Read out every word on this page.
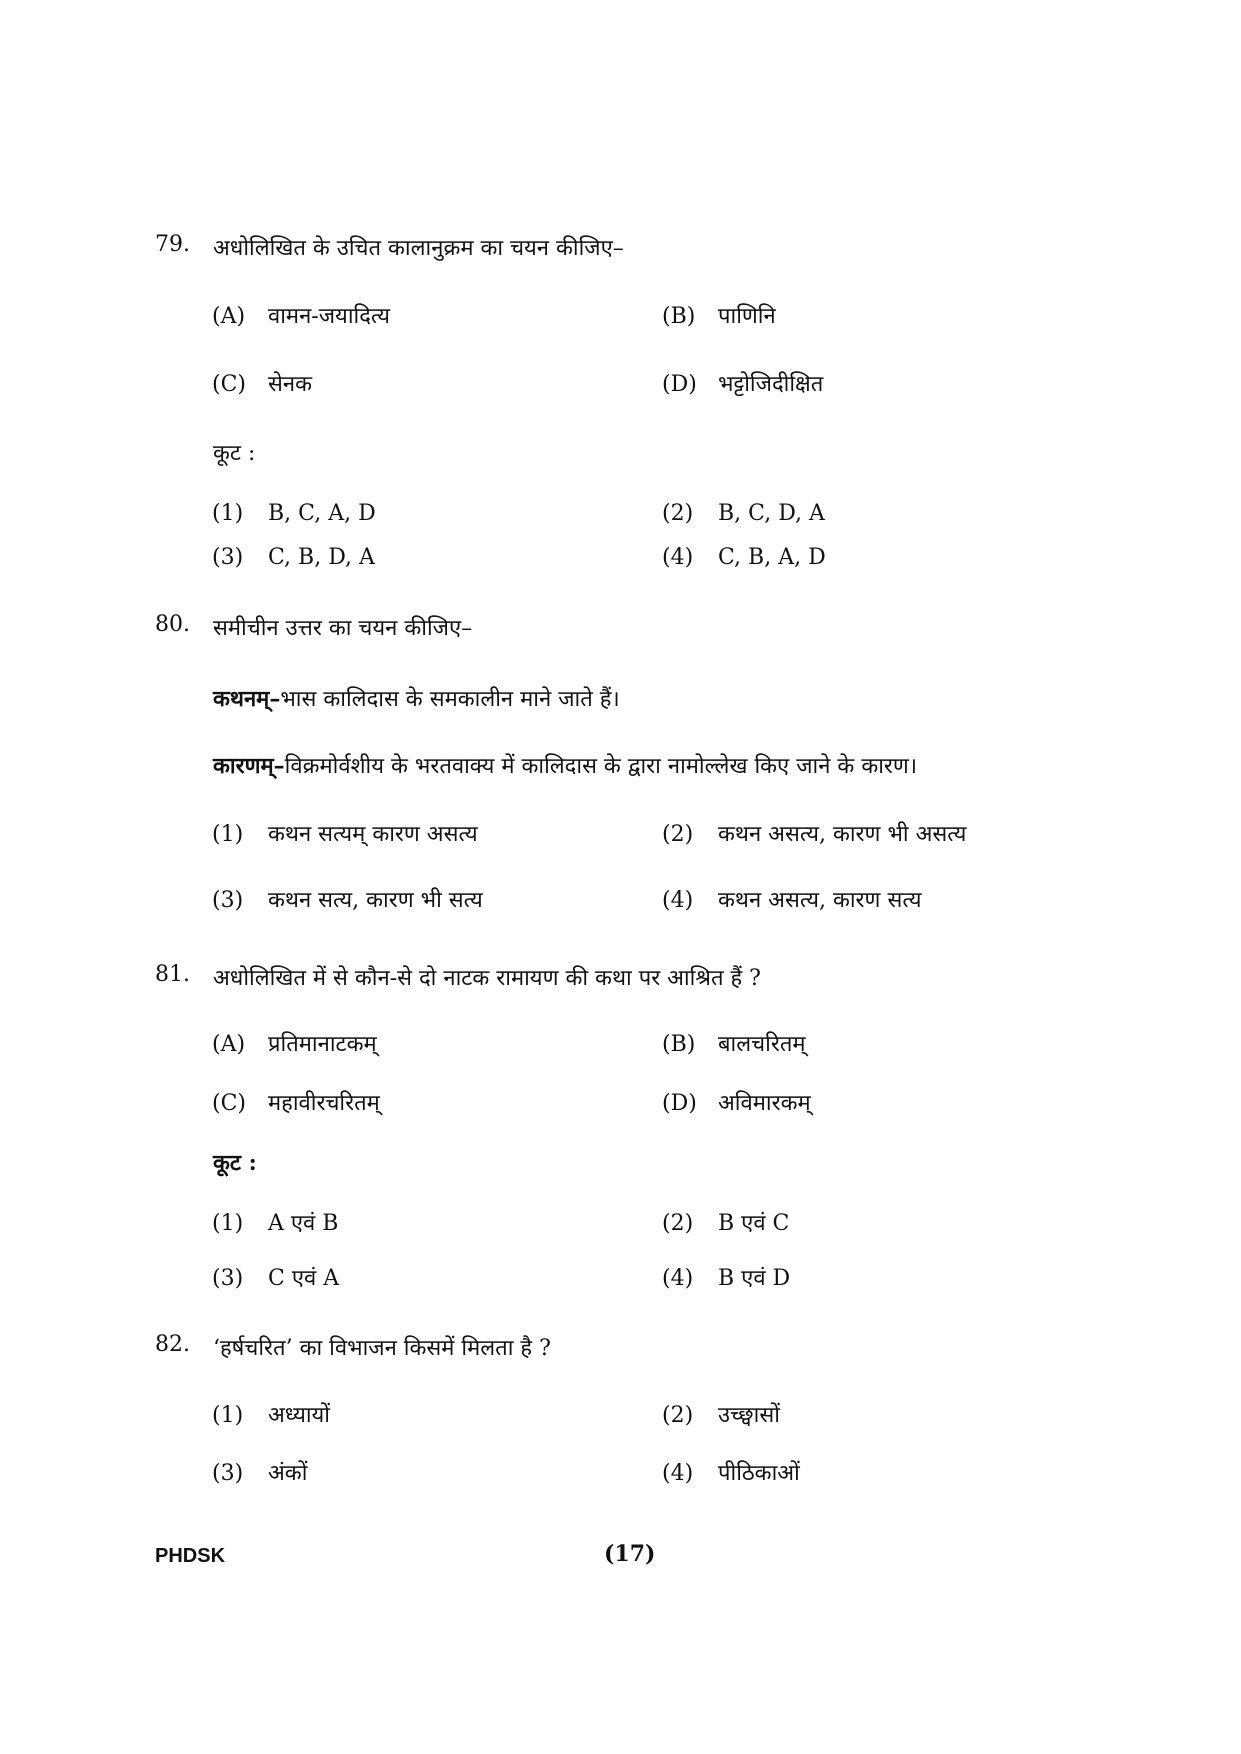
79. अधोलिखित के उचित कालानुक्रम का चयन कीजिए–
(A) वामन-जयादित्य	(B) पाणिनि
(C) सेनक	(D) भट्टोजिदीक्षित
कूट :
(1) B, C, A, D	(2) B, C, D, A
(3) C, B, D, A	(4) C, B, A, D
80. समीचीन उत्तर का चयन कीजिए–
कथनम्–भास कालिदास के समकालीन माने जाते हैं।
कारणम्–विक्रमोर्वशीय के भरतवाक्य में कालिदास के द्वारा नामोल्लेख किए जाने के कारण।
(1) कथन सत्यम् कारण असत्य	(2) कथन असत्य, कारण भी असत्य
(3) कथन सत्य, कारण भी सत्य	(4) कथन असत्य, कारण सत्य
81. अधोलिखित में से कौन-से दो नाटक रामायण की कथा पर आश्रित हैं ?
(A) प्रतिमानाटकम्	(B) बालचरितम्
(C) महावीरचरितम्	(D) अविमारकम्
कूट :
(1) A एवं B	(2) B एवं C
(3) C एवं A	(4) B एवं D
82. ‘हर्षचरित’ का विभाजन किसमें मिलता है ?
(1) अध्यायों	(2) उच्छ्वासों
(3) अंकों	(4) पीठिकाओं
PHDSK	(17)
